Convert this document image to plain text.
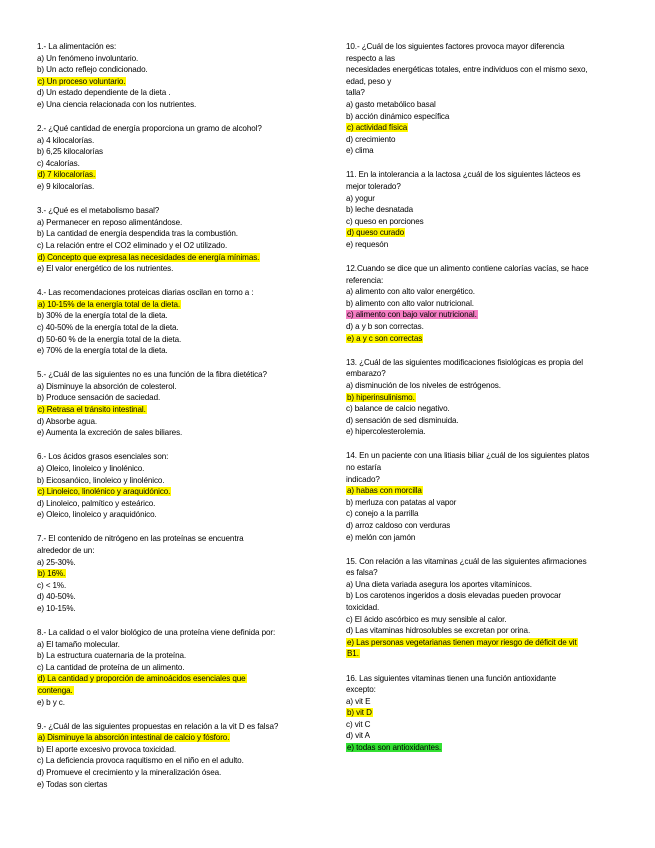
1.- La alimentación es:
a) Un fenómeno involuntario.
b) Un acto reflejo condicionado.
c) Un proceso voluntario.
d) Un estado dependiente de la dieta .
e) Una ciencia relacionada con los nutrientes.
2.- ¿Qué cantidad de energía proporciona un gramo de alcohol?
a) 4 kilocalorías.
b) 6,25 kilocalorías
c) 4calorías.
d) 7 kilocalorías.
e) 9 kilocalorías.
3.- ¿Qué es el metabolismo basal?
a) Permanecer en reposo alimentándose.
b) La cantidad de energía despendida tras la combustión.
c) La relación entre el CO2 eliminado y el O2 utilizado.
d) Concepto que expresa las necesidades de energía mínimas.
e) El valor energético de los nutrientes.
4.- Las recomendaciones proteicas diarias oscilan en torno a :
a) 10-15% de la energía total de la dieta.
b) 30% de la energía total de la dieta.
c) 40-50% de la energía total de la dieta.
d) 50-60 % de la energía total de la dieta.
e) 70% de la energía total de la dieta.
5.- ¿Cuál de las siguientes no es una función de la fibra dietética?
a) Disminuye la absorción de colesterol.
b) Produce sensación de saciedad.
c) Retrasa el tránsito intestinal.
d) Absorbe agua.
e) Aumenta la excreción de sales biliares.
6.- Los ácidos grasos esenciales son:
a) Oleico, linoleico y linolénico.
b) Eicosanóico, linoleico y linolénico.
c) Linoleico, linolénico y araquidónico.
d) Linoleico, palmítico y esteárico.
e) Oleico, linoleico y araquidónico.
7.- El contenido de nitrógeno en las proteínas se encuentra
alrededor de un:
a) 25-30%.
b) 16%.
c) < 1%.
d) 40-50%.
e) 10-15%.
8.- La calidad o el valor biológico de una proteína viene definida por:
a) El tamaño molecular.
b) La estructura cuaternaria de la proteína.
c) La cantidad de proteína de un alimento.
d) La cantidad y proporción de aminoácidos esenciales que
contenga.
e) b y c.
9.- ¿Cuál de las siguientes propuestas en relación a la vit D es falsa?
a) Disminuye la absorción intestinal de calcio y fósforo.
b) El aporte excesivo provoca toxicidad.
c) La deficiencia provoca raquitismo en el niño en el adulto.
d) Promueve el crecimiento y la mineralización ósea.
e) Todas son ciertas
10.- ¿Cuál de los siguientes factores provoca mayor diferencia
respecto a las
necesidades energéticas totales, entre individuos con el mismo sexo,
edad, peso y
talla?
a) gasto metabólico basal
b) acción dinámico específica
c) actividad física
d) crecimiento
e) clima
11. En la intolerancia a la lactosa ¿cuál de los siguientes lácteos es
mejor tolerado?
a) yogur
b) leche desnatada
c) queso en porciones
d) queso curado
e) requesón
12.Cuando se dice que un alimento contiene calorías vacías, se hace
referencia:
a) alimento con alto valor energético.
b) alimento con alto valor nutricional.
c) alimento con bajo valor nutricional.
d) a y b son correctas.
e) a y c son correctas
13. ¿Cuál de las siguientes modificaciones fisiológicas es propia del
embarazo?
a) disminución de los niveles de estrógenos.
b) hiperinsulinismo.
c) balance de calcio negativo.
d) sensación de sed disminuida.
e) hipercolesterolemia.
14. En un paciente con una litiasis biliar ¿cuál de los siguientes platos
no estaría
indicado?
a) habas con morcilla
b) merluza con patatas al vapor
c) conejo a la parrilla
d) arroz caldoso con verduras
e) melón con jamón
15. Con relación a las vitaminas ¿cuál de las siguientes afirmaciones
es falsa?
a) Una dieta variada asegura los aportes vitamínicos.
b) Los carotenos ingeridos a dosis elevadas pueden provocar
toxicidad.
c) El ácido ascórbico es muy sensible al calor.
d) Las vitaminas hidrosolubles se excretan por orina.
e) Las personas vegetarianas tienen mayor riesgo de déficit de vit
B1.
16. Las siguientes vitaminas tienen una función antioxidante
excepto:
a) vit E
b) vit D
c) vit C
d) vit A
e) todas son antioxidantes.
